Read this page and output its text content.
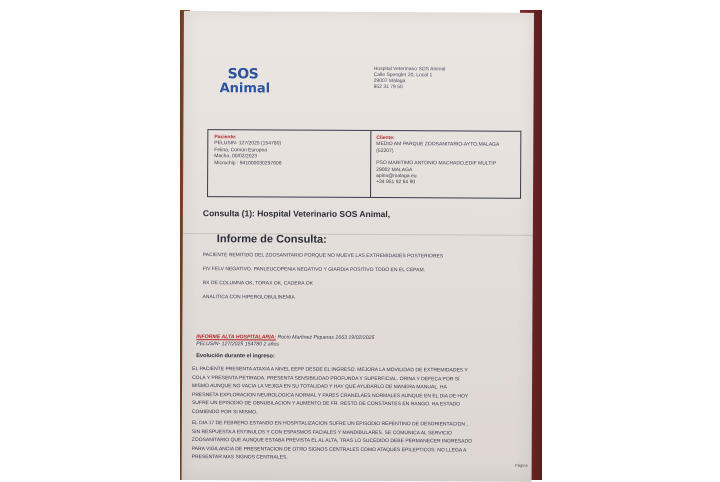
SOS
Animal
Hospital Veterinario SOS Animal
Calle Spengler 20, Local 1
29007 Málaga
952 31 79 50
Paciente:
PELUSIN- 127/2025 (154780)
Felina, Común Europea
Macho, 00/02/2023
Microchip : 941000030297606
Cliente:
MEDIO AM PARQUE ZOOSANITARIO-AYTO.MALAGA
(52207)
PSO MARITIMO ANTONIO MACHADO,EDIF MULTIP
29002 MALAGA
apins@malaga.eu
+34 951 92 64 90
Consulta (1): Hospital Veterinario SOS Animal,
Informe de Consulta:
PACIENTE REMITIDO DEL ZOOSANITARIO PORQUE NO MUEVE LAS EXTREMIDADES POSTERIORES
FIV FELV NEGATIVO, PANLEUCOPENIA NEGATIVO Y GIARDIA POSITIVO TODO EN EL CEPAM.
RX DE COLUMNA OK, TORAX OK, CADERA OK
ANALITICA CON HIPERGLOBULINEMIA
INFORME ALTA HOSPITALARIA: Rocio Martinez Piqueras 1663 19/02/2025
PELUSIN- 127/2025 154780 2 años
Evolución durante el ingreso:
EL PACIENTE PRESENTA ATAXIA A NIVEL EEPP DESDE EL INGRESO. MEJORA LA MOVILIDAD DE EXTREMIDADES Y
COLA Y PRESENTA PETIRADA. PRESENTA SENSIBILIDAD PROFUNDA Y SUPERFICIAL. ORINA Y DEFECA POR SÍ
MISMO AUNQUE NO VACIA LA VEJIGA EN SU TOTALIDAD Y HAY QUE AYUDARLO DE MANERA MANUAL. HA
PRESNETA EXPLORACION NEUROLOGICA NORMAL Y PARES CRANELAES NORMALES AUNQUE EN EL DIA DE HOY
SUFRE UN EPISODIO DE OBNUBILACION Y AUMENTO DE FR. RESTO DE CONSTANTES EN RANGO. HA ESTADO
COMIENDO POR SI MISMO.
EL DIA 17 DE FEBRERO ESTANDO EN HOSPITALIZACION SUFRE UN EPISODIO REPENTINO DE DESORIENTACION ,
SIN RESPUESTA A ESTINULOS Y CON ESPASMOS FACIALES Y MANDIBULARES. SE COMUNICA AL SERVICIO
ZOOSANITARIO QUE AUNQUE ESTABA PREVISTA EL AL ALTA, TRAS LO SUCEDIDO DEBE PERMANECER INGRESADO
PARA VIGILANCIA DE PRESENTACION DE OTRO SIGNOS CENTRALES COMO ATAQUES EPILEPTICOS. NO LLEGA A
PRESENTAR MAS SIGNOS CENTRALES.
Página
